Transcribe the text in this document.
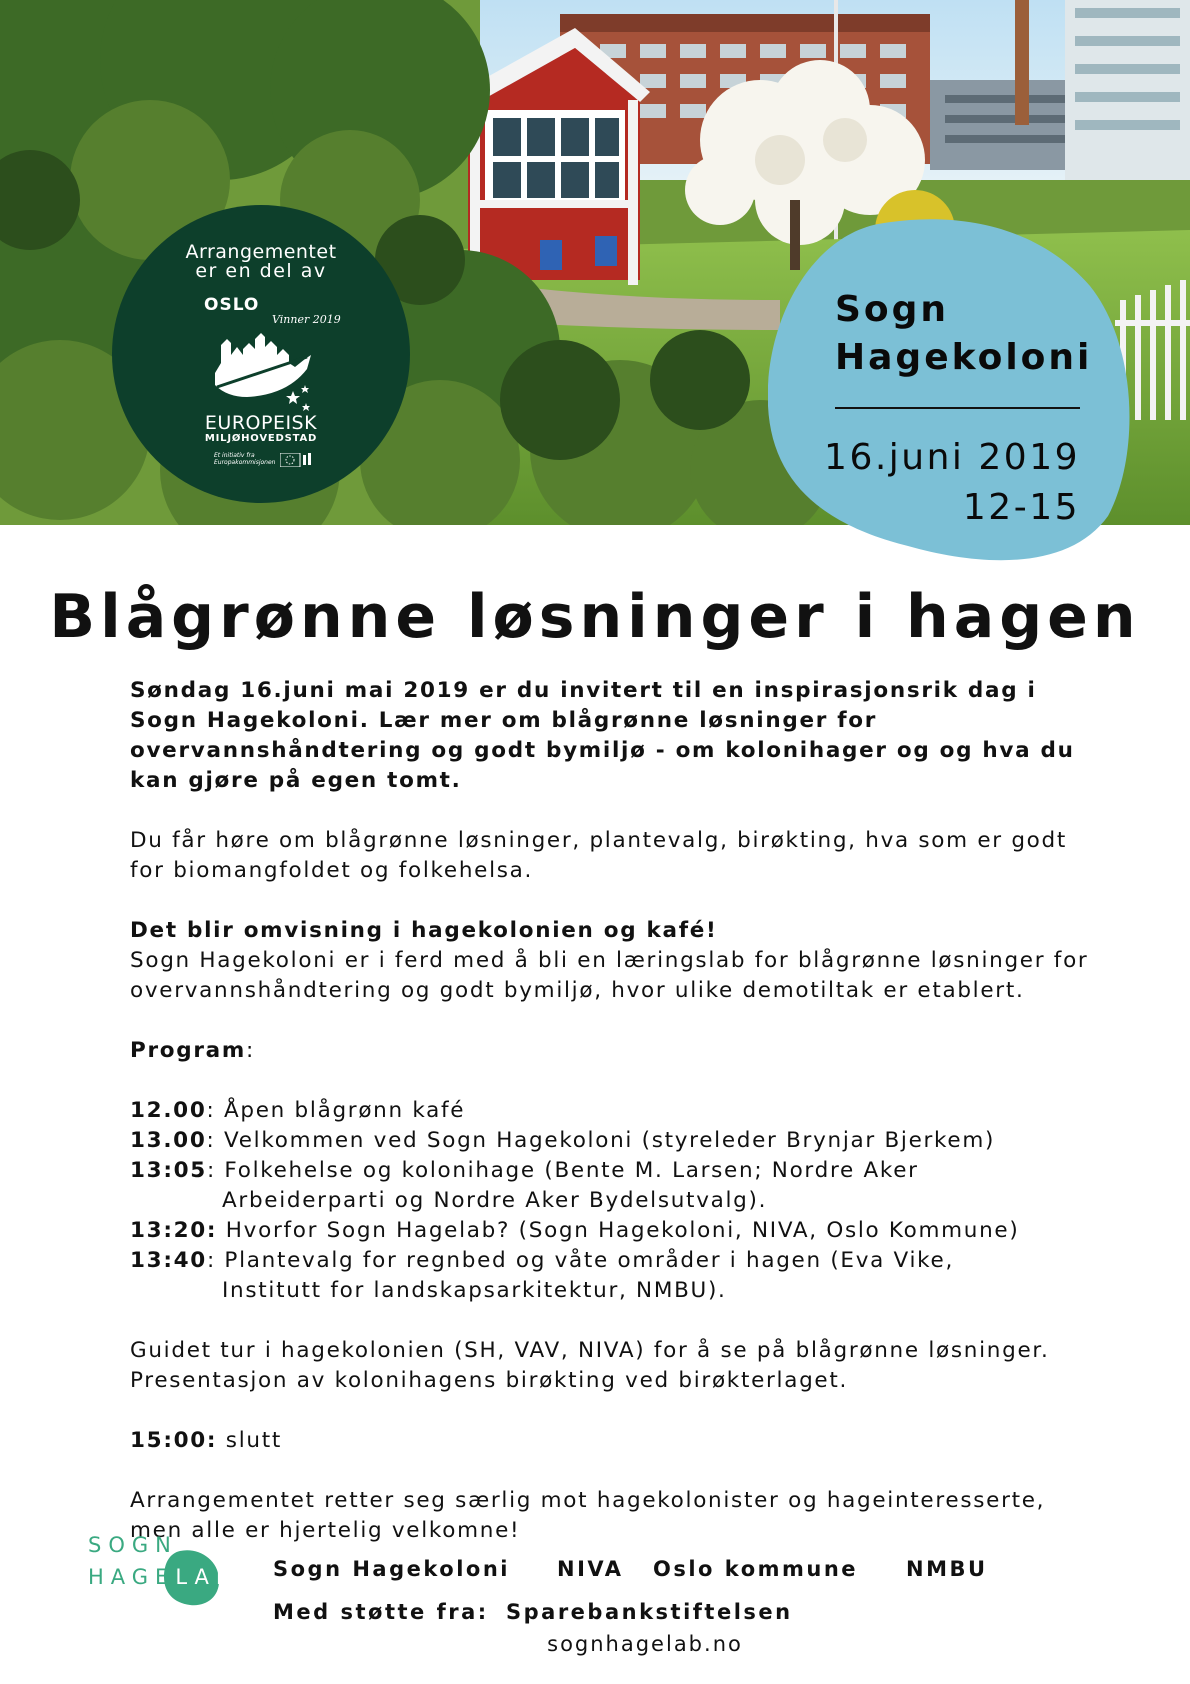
Arrangementet
er en del av
OSLO
Vinner 2019
EUROPEISK
MILJØHOVEDSTAD
Et initiativ fra Europakommisjonen
Sogn
Hagekoloni
16.juni 2019
12-15
Blågrønne løsninger i hagen

Søndag 16.juni mai 2019 er du invitert til en inspirasjonsrik dag i Sogn Hagekoloni. Lær mer om blågrønne løsninger for overvannshåndtering og godt bymiljø - om kolonihager og og hva du kan gjøre på egen tomt.

Du får høre om blågrønne løsninger, plantevalg, birøkting, hva som er godt for biomangfoldet og folkehelsa.

Det blir omvisning i hagekolonien og kafé!

Sogn Hagekoloni er i ferd med å bli en læringslab for blågrønne løsninger for overvannshåndtering og godt bymiljø, hvor ulike demotiltak er etablert.

Program:

12.00: Åpen blågrønn kafé

13.00: Velkommen ved Sogn Hagekoloni (styreleder Brynjar Bjerkem)

13:05: Folkehelse og kolonihage (Bente M. Larsen; Nordre Aker

Arbeiderparti og Nordre Aker Bydelsutvalg).

13:20: Hvorfor Sogn Hagelab? (Sogn Hagekoloni, NIVA, Oslo Kommune)

13:40: Plantevalg for regnbed og våte områder i hagen (Eva Vike,

Institutt for landskapsarkitektur, NMBU).

Guidet tur i hagekolonien (SH, VAV, NIVA) for å se på blågrønne løsninger.

Presentasjon av kolonihagens birøkting ved birøkterlaget.

15:00: slutt

Arrangementet retter seg særlig mot hagekolonister og hageinteresserte,

men alle er hjertelig velkomne!

SOGN
HAGELAB Sogn Hagekoloni NIVA Oslo kommune NMBU
Med støtte fra: Sparebankstiftelsen
sognhagelab.no
